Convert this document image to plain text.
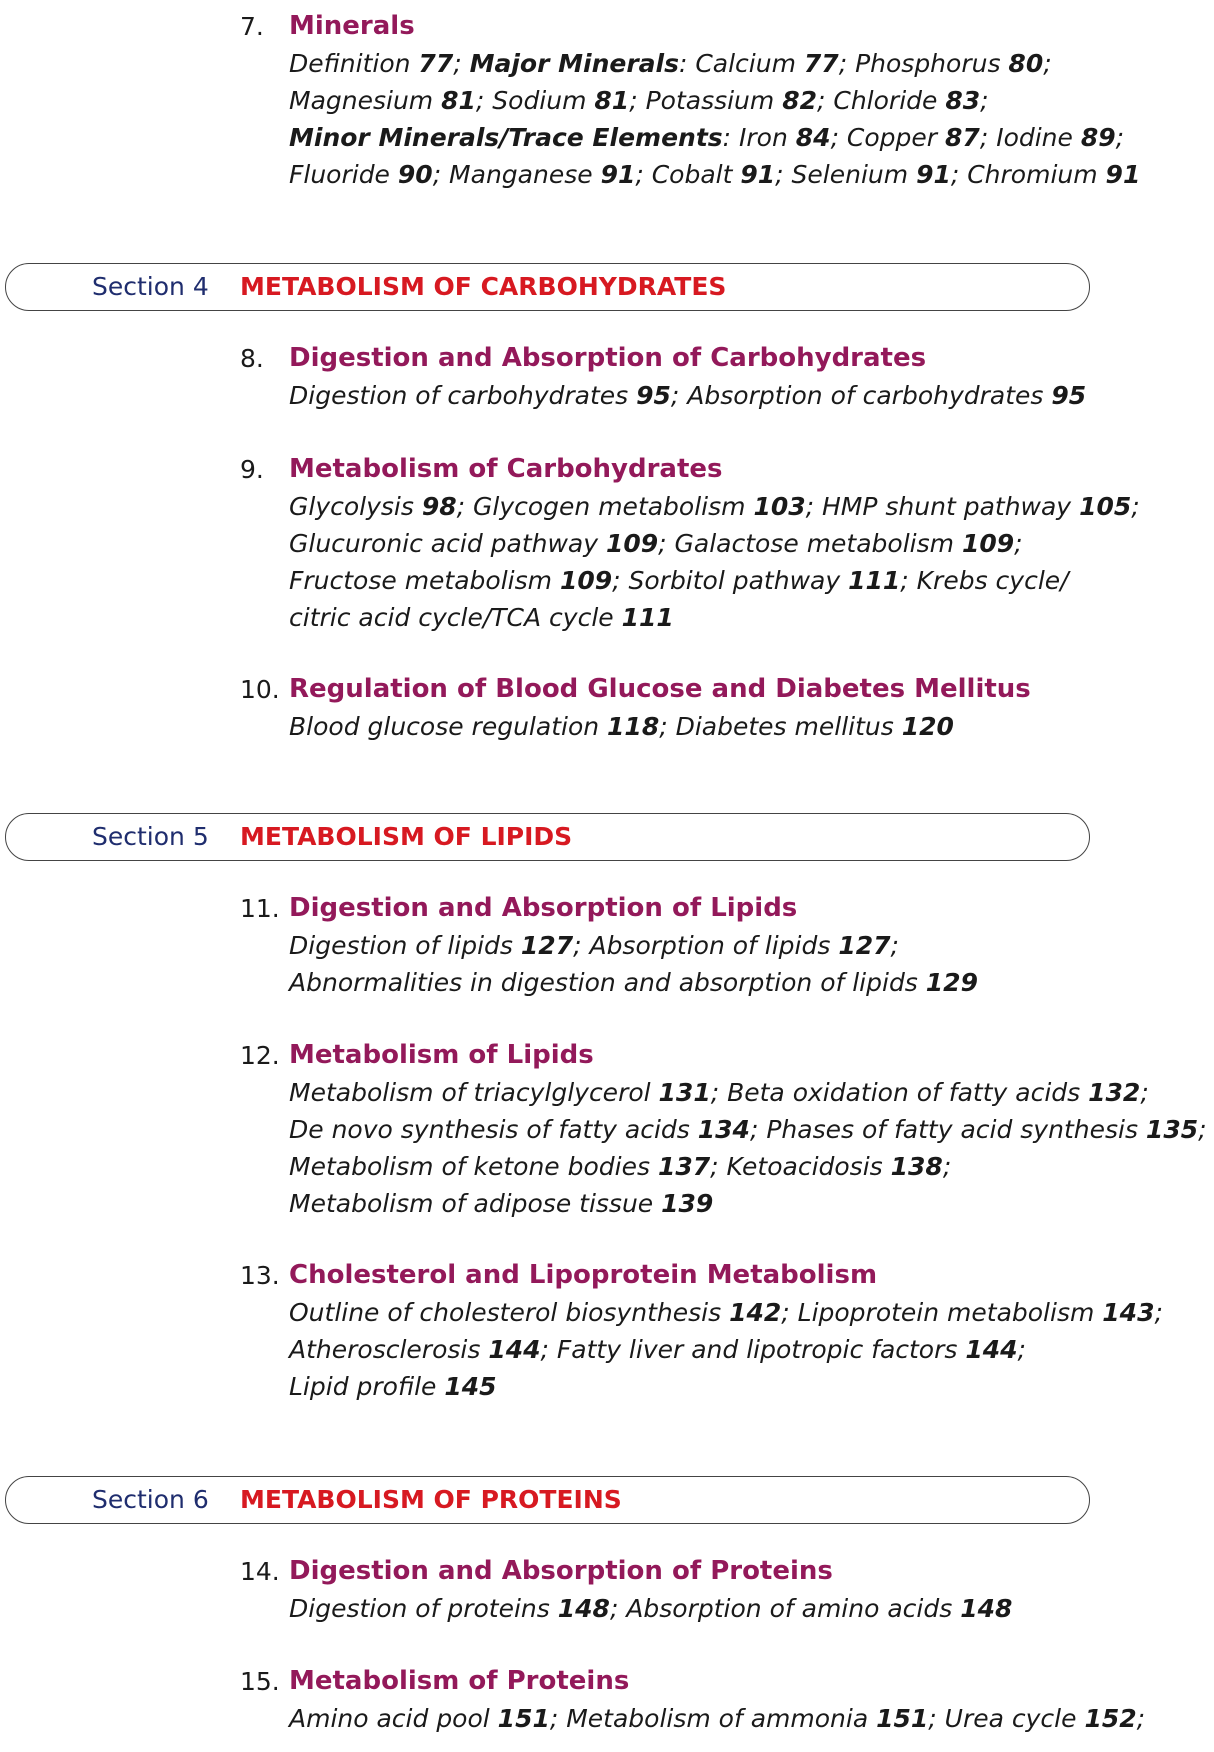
7. Minerals
Definition 77; Major Minerals: Calcium 77; Phosphorus 80;
Magnesium 81; Sodium 81; Potassium 82; Chloride 83;
Minor Minerals/Trace Elements: Iron 84; Copper 87; Iodine 89;
Fluoride 90; Manganese 91; Cobalt 91; Selenium 91; Chromium 91
Section 4 METABOLISM OF CARBOHYDRATES
8. Digestion and Absorption of Carbohydrates
Digestion of carbohydrates 95; Absorption of carbohydrates 95
9. Metabolism of Carbohydrates
Glycolysis 98; Glycogen metabolism 103; HMP shunt pathway 105;
Glucuronic acid pathway 109; Galactose metabolism 109;
Fructose metabolism 109; Sorbitol pathway 111; Krebs cycle/
citric acid cycle/TCA cycle 111
10. Regulation of Blood Glucose and Diabetes Mellitus
Blood glucose regulation 118; Diabetes mellitus 120
Section 5 METABOLISM OF LIPIDS
11. Digestion and Absorption of Lipids
Digestion of lipids 127; Absorption of lipids 127;
Abnormalities in digestion and absorption of lipids 129
12. Metabolism of Lipids
Metabolism of triacylglycerol 131; Beta oxidation of fatty acids 132;
De novo synthesis of fatty acids 134; Phases of fatty acid synthesis 135;
Metabolism of ketone bodies 137; Ketoacidosis 138;
Metabolism of adipose tissue 139
13. Cholesterol and Lipoprotein Metabolism
Outline of cholesterol biosynthesis 142; Lipoprotein metabolism 143;
Atherosclerosis 144; Fatty liver and lipotropic factors 144;
Lipid profile 145
Section 6 METABOLISM OF PROTEINS
14. Digestion and Absorption of Proteins
Digestion of proteins 148; Absorption of amino acids 148
15. Metabolism of Proteins
Amino acid pool 151; Metabolism of ammonia 151; Urea cycle 152;
